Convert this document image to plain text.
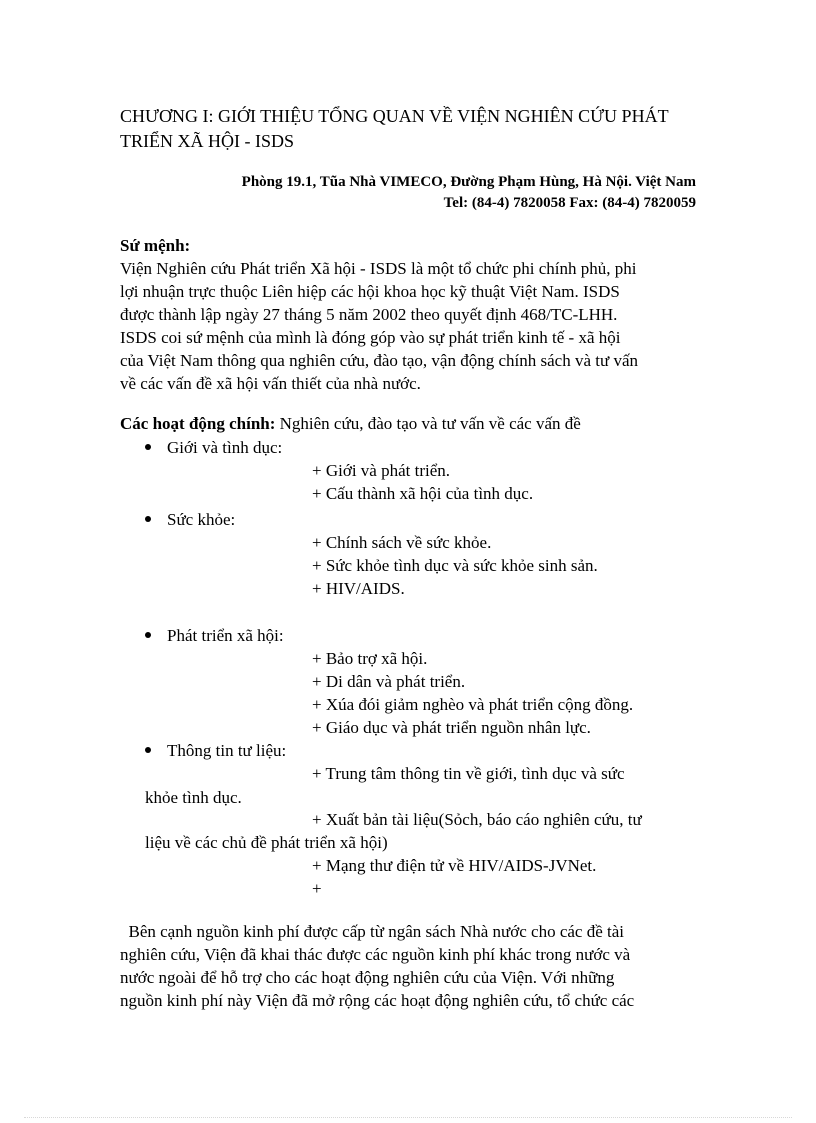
CHƯƠNG I: GIỚI THIỆU TỔNG QUAN VỀ VIỆN NGHIÊN CỨU PHÁT
TRIỂN XÃ HỘI - ISDS
Phòng 19.1, Tũa Nhà VIMECO, Đường Phạm Hùng, Hà Nội. Việt Nam
Tel: (84-4) 7820058 Fax: (84-4) 7820059
Sứ mệnh:
Viện Nghiên cứu Phát triển Xã hội - ISDS là một tổ chức phi chính phủ, phi
lợi nhuận trực thuộc Liên hiệp các hội khoa học kỹ thuật Việt Nam. ISDS
được thành lập ngày 27 tháng 5 năm 2002 theo quyết định 468/TC-LHH.
ISDS coi sứ mệnh của mình là đóng góp vào sự phát triển kinh tế - xã hội
của Việt Nam thông qua nghiên cứu, đào tạo, vận động chính sách và tư vấn
về các vấn đề xã hội vấn thiết của nhà nước.
Các hoạt động chính: Nghiên cứu, đào tạo và tư vấn về các vấn đề
Giới và tình dục:
+ Giới và phát triển.
+ Cấu thành xã hội của tình dục.
Sức khỏe:
+ Chính sách về sức khỏe.
+ Sức khỏe tình dục và sức khỏe sinh sản.
+ HIV/AIDS.
Phát triển xã hội:
+ Bảo trợ xã hội.
+ Di dân và phát triển.
+ Xúa đói giảm nghèo và phát triển cộng đồng.
+ Giáo dục và phát triển nguồn nhân lực.
Thông tin tư liệu:
+ Trung tâm thông tin về giới, tình dục và sức
khỏe tình dục.
+ Xuất bản tài liệu(Sỏch, báo cáo nghiên cứu, tư
liệu về các chủ đề phát triển xã hội)
+ Mạng thư điện tử về HIV/AIDS-JVNet.
+
Bên cạnh nguồn kinh phí được cấp từ ngân sách Nhà nước cho các đề tài
nghiên cứu, Viện đã khai thác được các nguồn kinh phí khác trong nước và
nước ngoài để hỗ trợ cho các hoạt động nghiên cứu của Viện. Với những
nguồn kinh phí này Viện đã mở rộng các hoạt động nghiên cứu, tổ chức các
